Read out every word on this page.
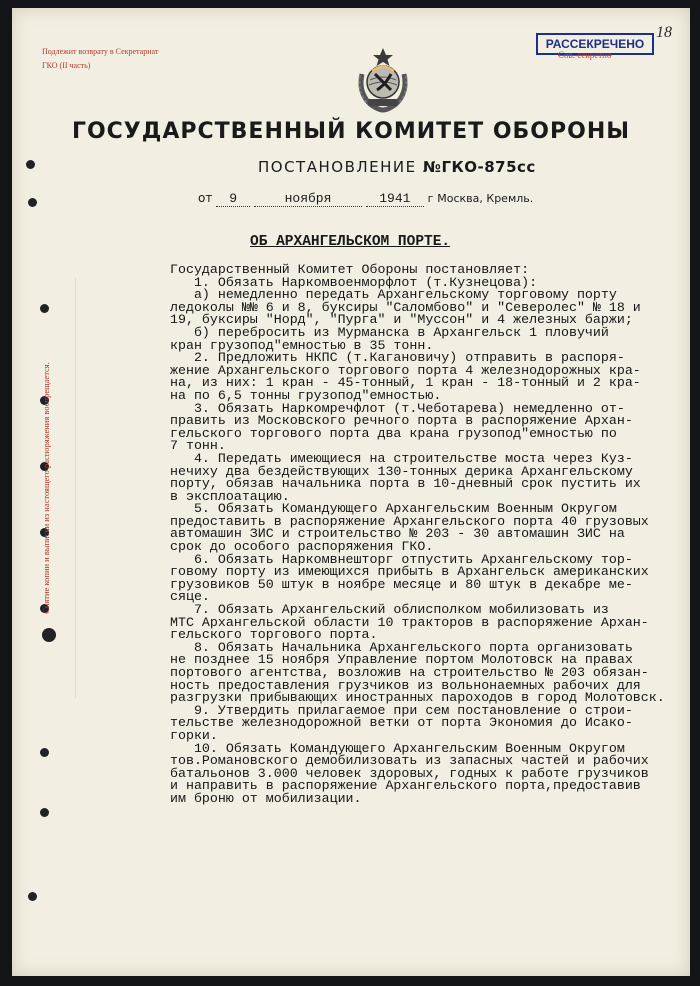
Снятие копии и выписки из настоящего распоряжения воспрещается.
Подлежит возврату в Секретариат
ГКО (II часть)
РАССЕКРЕЧЕНО
Сов. секретно
18
ГОСУДАРСТВЕННЫЙ КОМИТЕТ ОБОРОНЫ
ПОСТАНОВЛЕНИЕ №ГКО-875сс
от 9	ноября	1941 г Москва, Кремль.
ОБ АРХАНГЕЛЬСКОМ ПОРТЕ.
Государственный Комитет Обороны постановляет:
1. Обязать Наркомвоенморфлот (т.Кузнецова):
а) немедленно передать Архангельскому торговому порту
ледоколы №№ 6 и 8, буксиры "Саломбово" и "Северолес" № 18 и
19, буксиры "Норд", "Пурга" и "Муссон" и 4 железных баржи;
б) перебросить из Мурманска в Архангельск 1 пловучий
кран грузопод"емностью в 35 тонн.
2. Предложить НКПС (т.Кагановичу) отправить в распоря-
жение Архангельского торгового порта 4 железнодорожных кра-
на, из них: 1 кран - 45-тонный, 1 кран - 18-тонный и 2 кра-
на по 6,5 тонны грузопод"емностью.
3. Обязать Наркомречфлот (т.Чеботарева) немедленно от-
править из Московского речного порта в распоряжение Архан-
гельского торгового порта два крана грузопод"емностью по
7 тонн.
4. Передать имеющиеся на строительстве моста через Куз-
нечиху два бездействующих 130-тонных дерика Архангельскому
порту, обязав начальника порта в 10-дневный срок пустить их
в эксплоатацию.
5. Обязать Командующего Архангельским Военным Округом
предоставить в распоряжение Архангельского порта 40 грузовых
автомашин ЗИС и строительство № 203 - 30 автомашин ЗИС на
срок до особого распоряжения ГКО.
6. Обязать Наркомвнешторг отпустить Архангельскому тор-
говому порту из имеющихся прибыть в Архангельск американских
грузовиков 50 штук в ноябре месяце и 80 штук в декабре ме-
сяце.
7. Обязать Архангельский облисполком мобилизовать из
МТС Архангельской области 10 тракторов в распоряжение Архан-
гельского торгового порта.
8. Обязать Начальника Архангельского порта организовать
не позднее 15 ноября Управление портом Молотовск на правах
портового агентства, возложив на строительство № 203 обязан-
ность предоставления грузчиков из вольнонаемных рабочих для
разгрузки прибывающих иностранных пароходов в город Молотовск.
9. Утвердить прилагаемое при сем постановление о строи-
тельстве железнодорожной ветки от порта Экономия до Исако-
горки.
10. Обязать Командующего Архангельским Военным Округом
тов.Романовского демобилизовать из запасных частей и рабочих
батальонов 3.000 человек здоровых, годных к работе грузчиков
и направить в распоряжение Архангельского порта,предоставив
им броню от мобилизации.
